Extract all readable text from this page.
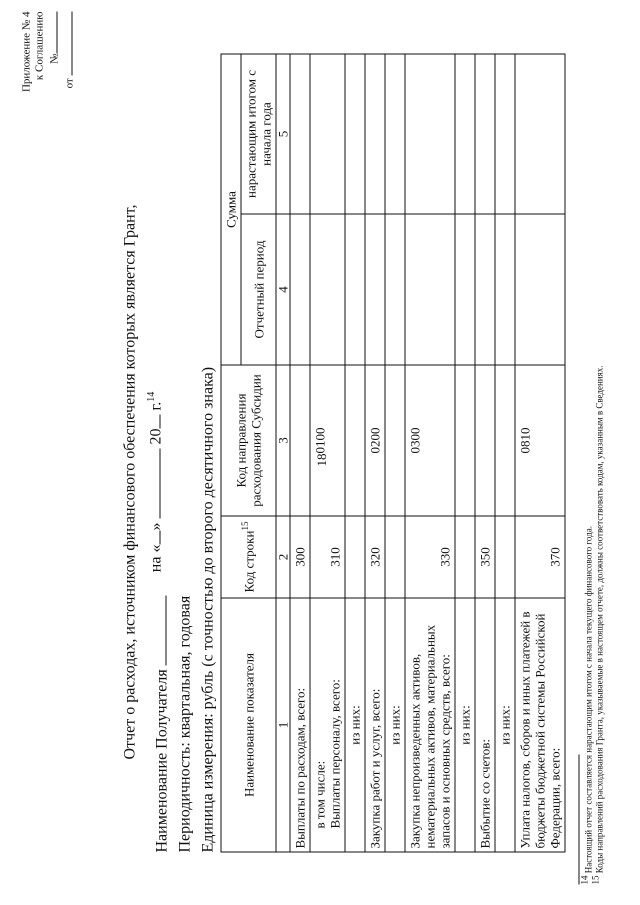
18
Приложение № 4 к Соглашению №
от
Отчет о расходах, источником финансового обеспечения которых является Грант, на «»  20 г.$^{14}$
Наименование Получателя Периодичность: квартальная, годовая Единица измерения: рубль (с точностью до второго десятичного знака) Наименование показателя	Код строки$^{15}$	Код направления расходования Субсидии	Сумма	
			Отчетный период	нарастающим итогом с начала года
1	2	3	4	5
Выплаты по расходам, всего:	300			

в том числе: Выплаты персоналу, всего:	310	0100		
из них:				
Закупка работ и услуг, всего:	320	0200		
из них:				
Закупка непроизведенных активов, нематериальных активов, материальных запасов и основных средств, всего:	330	0300		
из них:				
Выбытие со счетов:	350			
из них:				
Уплата налогов, сборов и иных платежей в бюджеты бюджетной системы Российской Федерации, всего:	370	0810		
$^{14}$ Настоящий отчет составляется нарастающим итогом с начала текущего финансового года.
$^{15}$ Коды направлений расходования Гранта, указываемые в настоящем отчете, должны соответствовать кодам, указанным в Сведениях.
